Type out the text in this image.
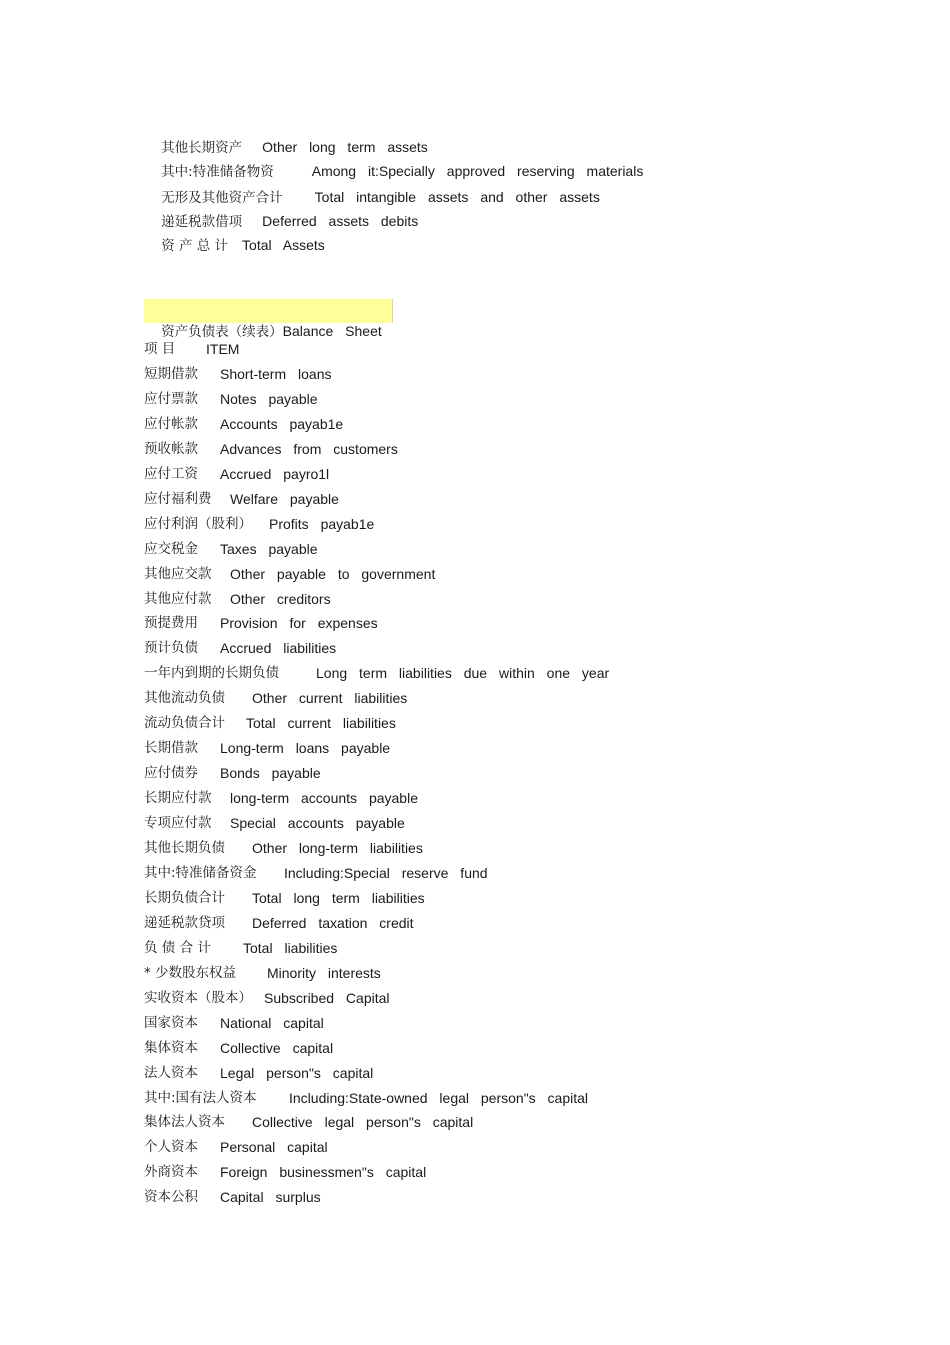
其他长期资产 Other long term assets

其中:特准储备物资	Among it:Specially approved reserving materials

无形及其他资产合计 Total intangible assets and other assets

递延税款借项 Deferred assets debits

资 产 总 计 Total Assets

资产负债表（续表）Balance Sheet

项 目 ITEM
短期借款 Short-term loans
应付票款 Notes payable
应付帐款 Accounts payab1e
预收帐款 Advances from customers
应付工资 Accrued payro1l
应付福利费 Welfare payable
应付利润（股利） Profits payab1e
应交税金 Taxes payable
其他应交款 Other payable to government
其他应付款 Other creditors
预提费用 Provision for expenses
预计负债 Accrued liabilities
一年内到期的长期负债	Long term liabilities due within one year
其他流动负债 Other current liabilities
流动负债合计 Total current liabilities
长期借款 Long-term loans payable
应付债券 Bonds payable
长期应付款 long-term accounts payable
专项应付款 Special accounts payable
其他长期负债 Other long-term liabilities
其中:特准储备资金 Including:Special reserve fund
长期负债合计 Total long term liabilities
递延税款贷项 Deferred taxation credit
负 债 合 计 Total liabilities
* 少数股东权益 Minority interests
实收资本（股本） Subscribed Capital
国家资本 National capital
集体资本 Collective capital
法人资本 Legal person"s capital
其中:国有法人资本 Including:State-owned legal person"s capital
集体法人资本 Collective legal person"s capital
个人资本 Personal capital
外商资本 Foreign businessmen"s capital
资本公积 Capital surplus
